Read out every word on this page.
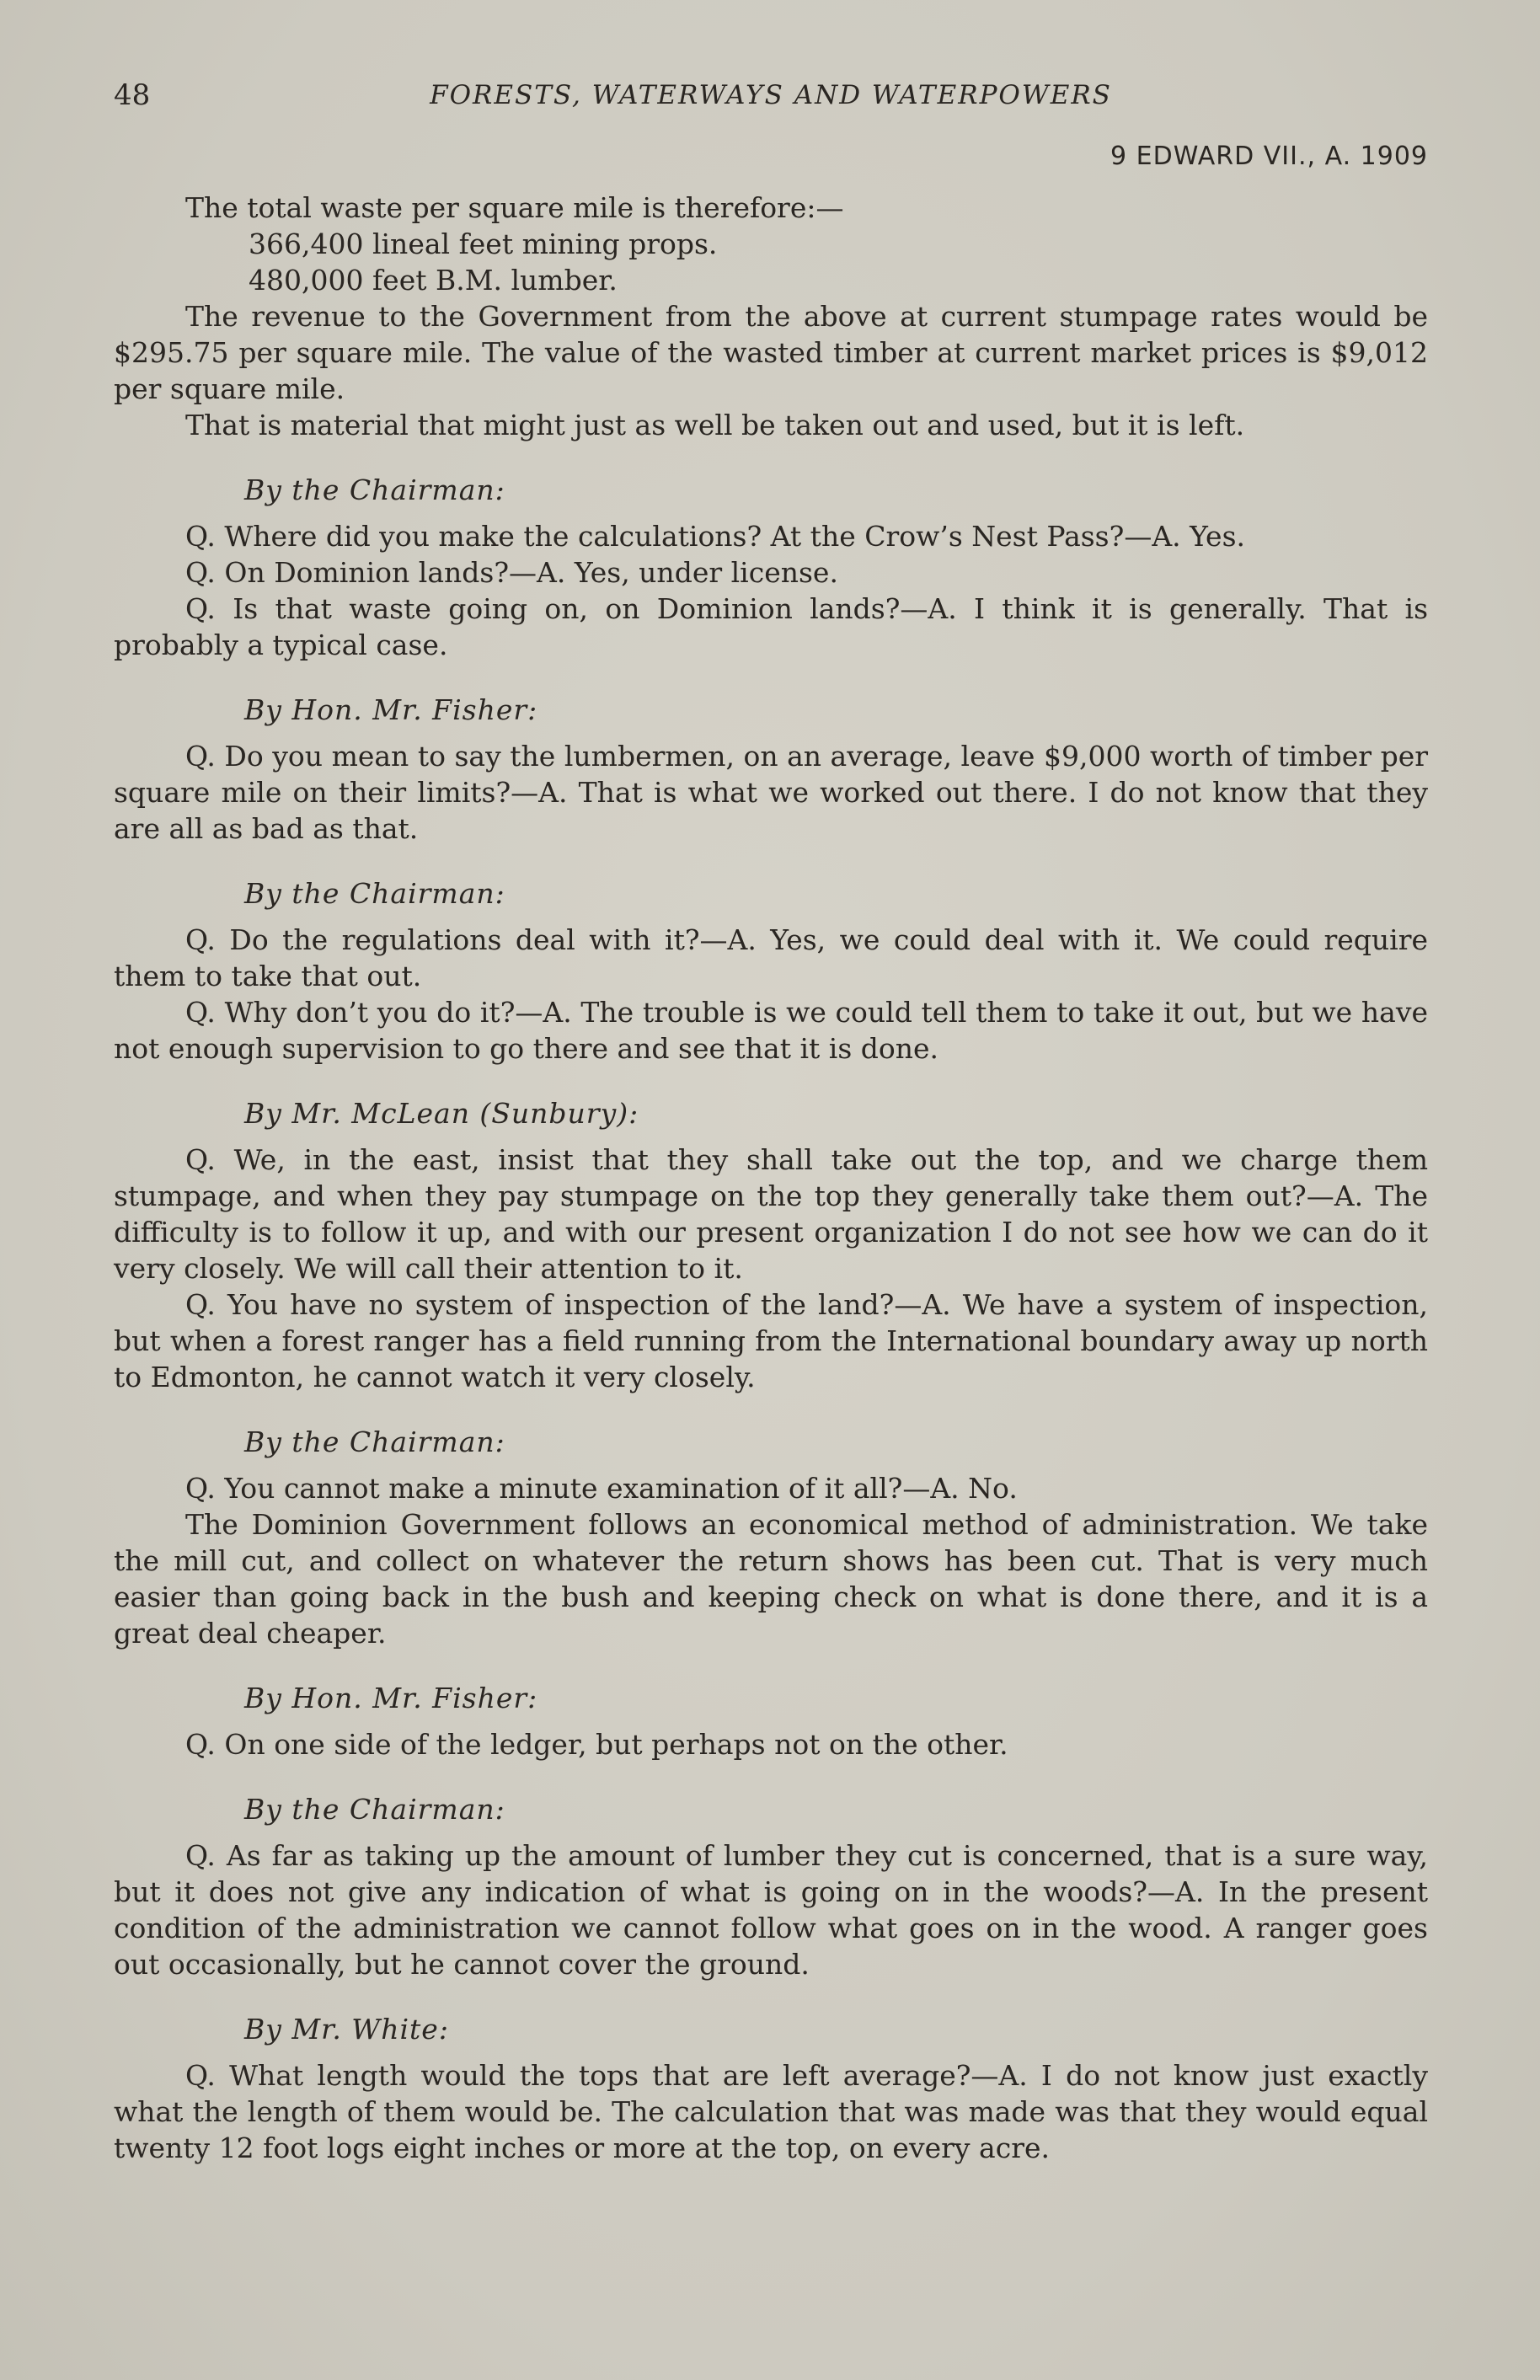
48	FORESTS, WATERWAYS AND WATERPOWERS
9 EDWARD VII., A. 1909

The total waste per square mile is therefore:—

366,400 lineal feet mining props.
480,000 feet B.M. lumber.

The revenue to the Government from the above at current stumpage rates would be $295.75 per square mile. The value of the wasted timber at current market prices is $9,012 per square mile.

That is material that might just as well be taken out and used, but it is left.

By the Chairman:

Q. Where did you make the calculations? At the Crow’s Nest Pass?—A. Yes.

Q. On Dominion lands?—A. Yes, under license.

Q. Is that waste going on, on Dominion lands?—A. I think it is generally. That is probably a typical case.

By Hon. Mr. Fisher:

Q. Do you mean to say the lumbermen, on an average, leave $9,000 worth of timber per square mile on their limits?—A. That is what we worked out there. I do not know that they are all as bad as that.

By the Chairman:

Q. Do the regulations deal with it?—A. Yes, we could deal with it. We could require them to take that out.

Q. Why don’t you do it?—A. The trouble is we could tell them to take it out, but we have not enough supervision to go there and see that it is done.

By Mr. McLean (Sunbury):

Q. We, in the east, insist that they shall take out the top, and we charge them stumpage, and when they pay stumpage on the top they generally take them out?—A. The difficulty is to follow it up, and with our present organization I do not see how we can do it very closely. We will call their attention to it.

Q. You have no system of inspection of the land?—A. We have a system of inspection, but when a forest ranger has a field running from the International boundary away up north to Edmonton, he cannot watch it very closely.

By the Chairman:

Q. You cannot make a minute examination of it all?—A. No.

The Dominion Government follows an economical method of administration. We take the mill cut, and collect on whatever the return shows has been cut. That is very much easier than going back in the bush and keeping check on what is done there, and it is a great deal cheaper.

By Hon. Mr. Fisher:

Q. On one side of the ledger, but perhaps not on the other.

By the Chairman:

Q. As far as taking up the amount of lumber they cut is concerned, that is a sure way, but it does not give any indication of what is going on in the woods?—A. In the present condition of the administration we cannot follow what goes on in the wood. A ranger goes out occasionally, but he cannot cover the ground.

By Mr. White:

Q. What length would the tops that are left average?—A. I do not know just exactly what the length of them would be. The calculation that was made was that they would equal twenty 12 foot logs eight inches or more at the top, on every acre.
